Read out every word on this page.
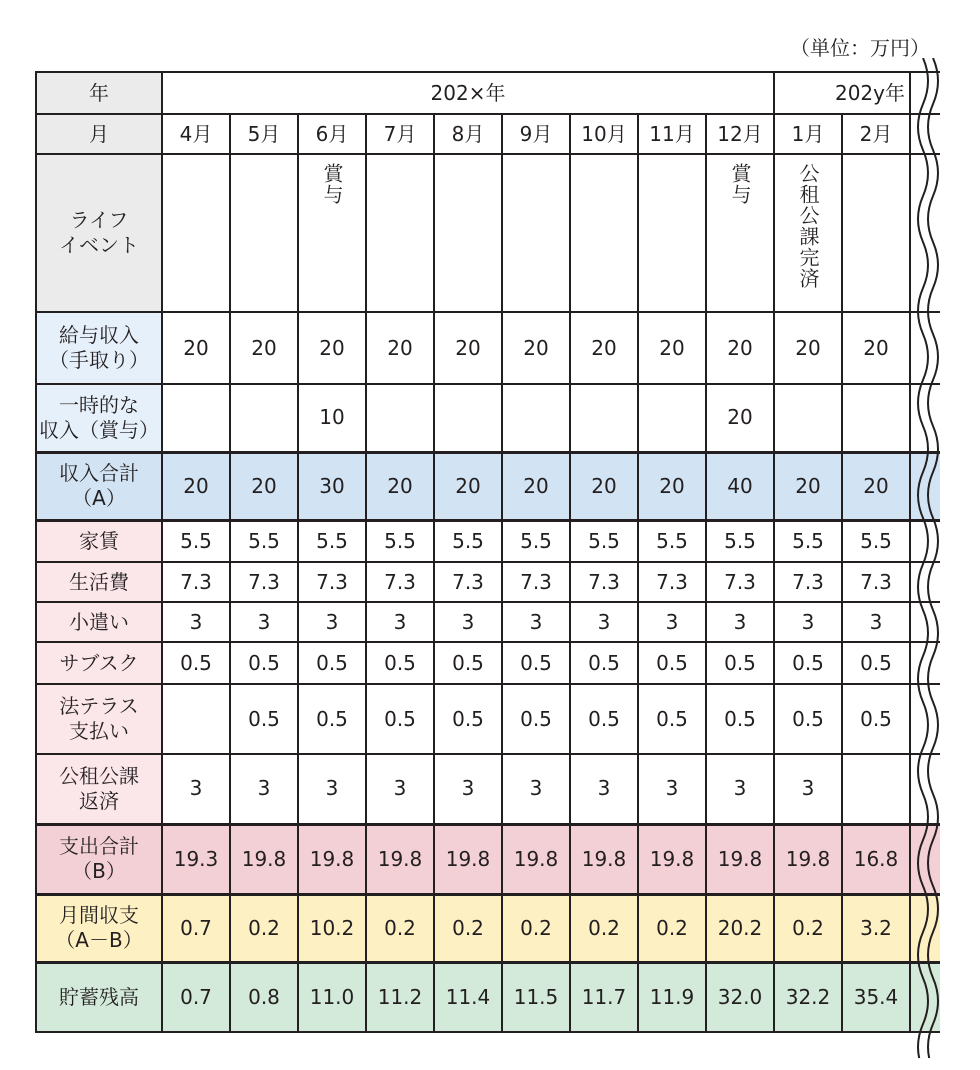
（単位：万円）
年	202×年									202y年		
月	4月	5月	6月	7月	8月	9月	10月	11月	12月	1月	2月	
ライフ
イベント			賞与						賞与	公租公課完済		
給与収入
（手取り）	20	20	20	20	20	20	20	20	20	20	20	
一時的な
収入（賞与）			10						20			
収入合計
（A）	20	20	30	20	20	20	20	20	40	20	20	
家賃	5.5	5.5	5.5	5.5	5.5	5.5	5.5	5.5	5.5	5.5	5.5	
生活費	7.3	7.3	7.3	7.3	7.3	7.3	7.3	7.3	7.3	7.3	7.3	
小遣い	3	3	3	3	3	3	3	3	3	3	3	
サブスク	0.5	0.5	0.5	0.5	0.5	0.5	0.5	0.5	0.5	0.5	0.5	
法テラス
支払い		0.5	0.5	0.5	0.5	0.5	0.5	0.5	0.5	0.5	0.5	
公租公課
返済	3	3	3	3	3	3	3	3	3	3		
支出合計
（B）	19.3	19.8	19.8	19.8	19.8	19.8	19.8	19.8	19.8	19.8	16.8	
月間収支
（A－B）	0.7	0.2	10.2	0.2	0.2	0.2	0.2	0.2	20.2	0.2	3.2	
貯蓄残高	0.7	0.8	11.0	11.2	11.4	11.5	11.7	11.9	32.0	32.2	35.4	
